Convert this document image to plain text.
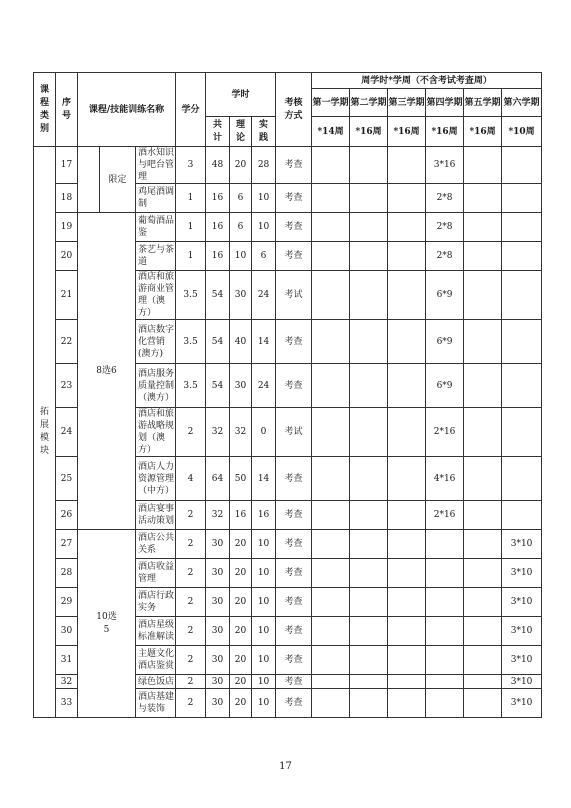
课程类别	序号	课程/技能训练名称			学分	学时			考核方式	周学时*学周（不含考试考查周）					
										第一学期	第二学期	第三学期	第四学期	第五学期	第六学期
						共计	理论	实践		*14周	*16周	*16周	*16周	*16周	*10周
拓展模块	17		限定	酒水知识与吧台管理	3	48	20	28	考查				3*16		
	18			鸡尾酒调制	1	16	6	10	考查				2*8		
	19	8选6		葡萄酒品鉴	1	16	6	10	考查				2*8		
	20			茶艺与茶道	1	16	10	6	考查				2*8		
	21			酒店和旅游商业管理（澳方）	3.5	54	30	24	考试				6*9		
	22			酒店数字化营销(澳方)	3.5	54	40	14	考查				6*9		
	23			酒店服务质量控制（澳方）	3.5	54	30	24	考查				6*9		
	24			酒店和旅游战略规划（澳方）	2	32	32	0	考试				2*16		
	25			酒店人力资源管理（中方）	4	64	50	14	考查				4*16		
	26			酒店宴事活动策划	2	32	16	16	考查				2*16		
	27	10选5		酒店公共关系	2	30	20	10	考查						3*10
	28			酒店收益管理	2	30	20	10	考查						3*10
	29			酒店行政实务	2	30	20	10	考查						3*10
	30			酒店星级标准解读	2	30	20	10	考查						3*10
	31			主题文化酒店鉴赏	2	30	20	10	考查						3*10
	32			绿色饭店	2	30	20	10	考查						3*10
	33			酒店基建与装饰	2	30	20	10	考查						3*10
17
